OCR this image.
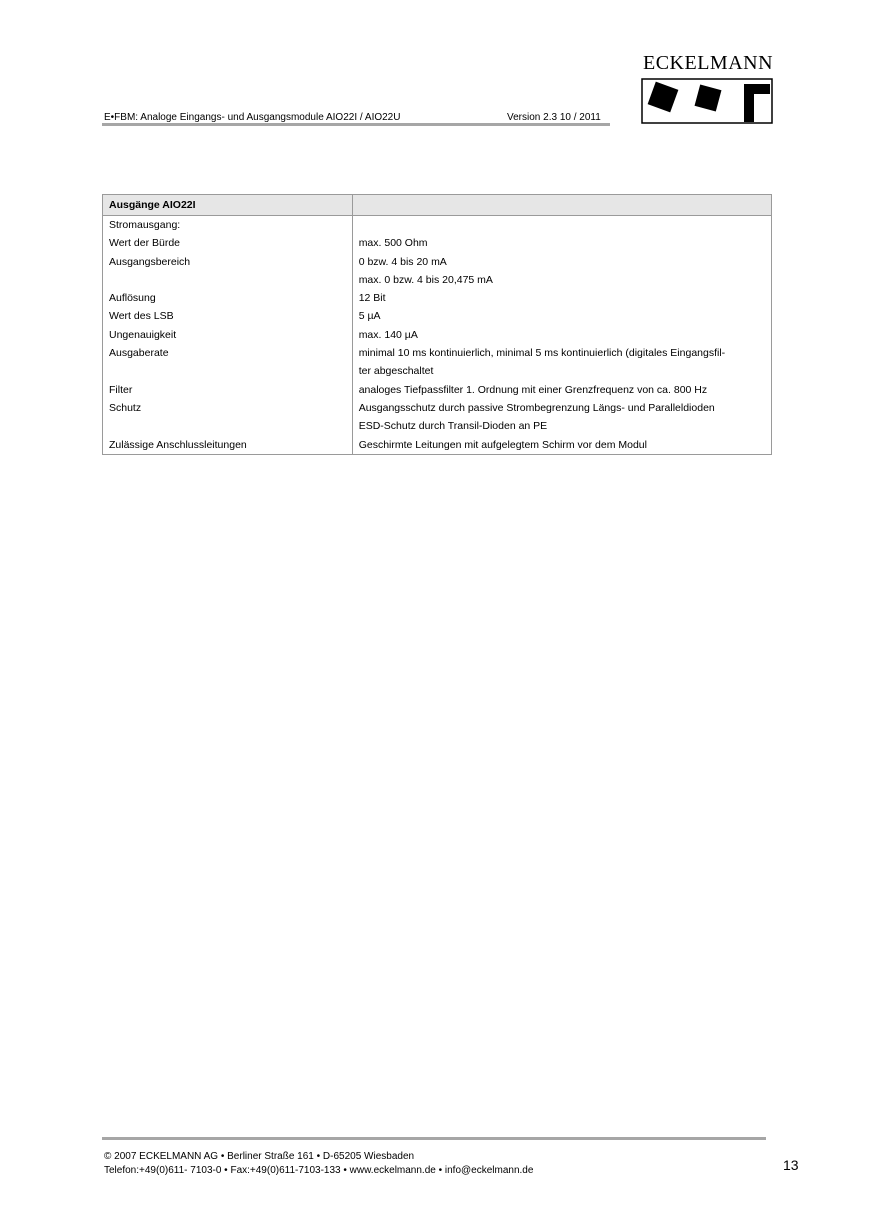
E•FBM: Analoge Eingangs- und Ausgangsmodule AIO22I / AIO22U	Version 2.3 10 / 2011
ECKELMANN
Ausgänge AIO22I	
Stromausgang:	
Wert der Bürde	max. 500 Ohm
Ausgangsbereich	0 bzw. 4 bis 20 mA
	max. 0 bzw. 4 bis 20,475 mA
Auflösung	12 Bit
Wert des LSB	5 µA
Ungenauigkeit	max. 140 µA
Ausgaberate	minimal 10 ms kontinuierlich, minimal 5 ms kontinuierlich (digitales Eingangsfil-
	ter abgeschaltet
Filter	analoges Tiefpassfilter 1. Ordnung mit einer Grenzfrequenz von ca. 800 Hz
Schutz	Ausgangsschutz durch passive Strombegrenzung Längs- und Paralleldioden
	ESD-Schutz durch Transil-Dioden an PE
Zulässige Anschlussleitungen	Geschirmte Leitungen mit aufgelegtem Schirm vor dem Modul
© 2007 ECKELMANN AG • Berliner Straße 161 • D-65205 Wiesbaden
Telefon:+49(0)611- 7103-0 • Fax:+49(0)611-7103-133 • www.eckelmann.de • info@eckelmann.de	13
